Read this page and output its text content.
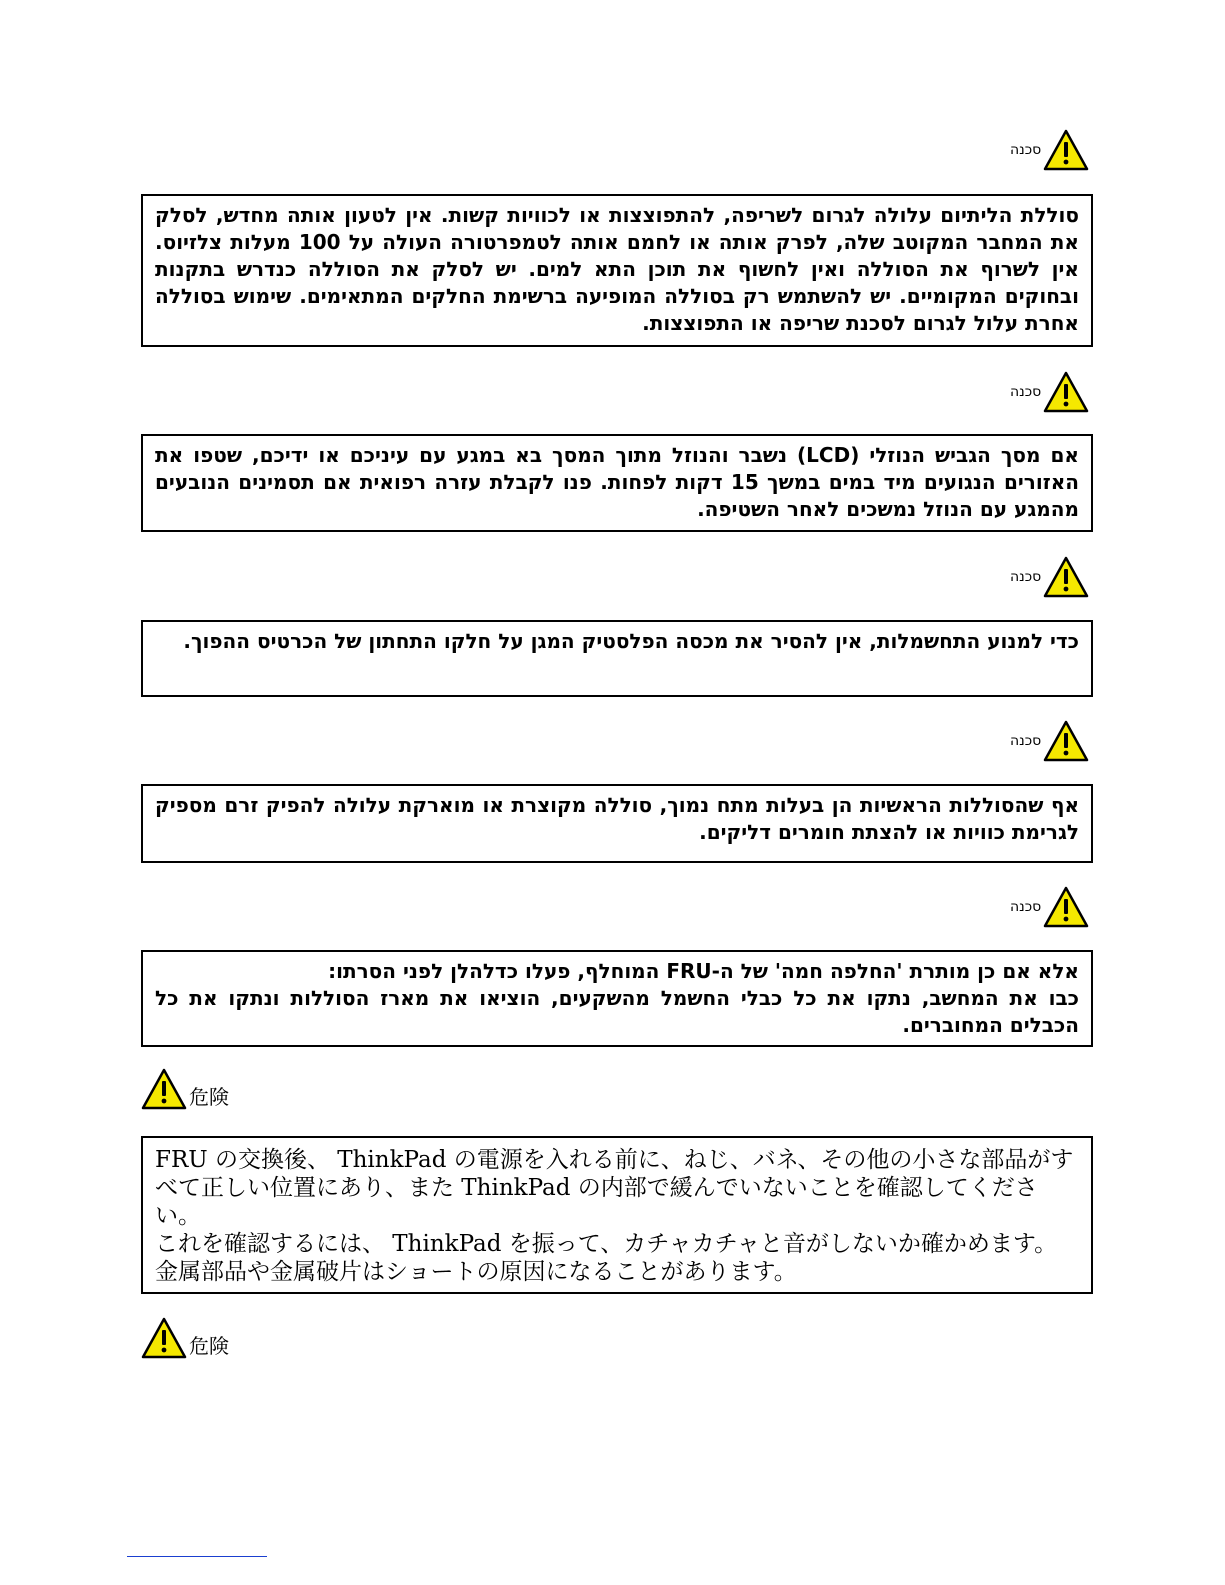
סכנה

סוללת הליתיום עלולה לגרום לשריפה, להתפוצצות או לכוויות קשות. אין לטעון אותה מחדש, לסלק את המחבר המקוטב שלה, לפרק אותה או לחמם אותה לטמפרטורה העולה על 100 מעלות צלזיוס. אין לשרוף את הסוללה ואין לחשוף את תוכן התא למים. יש לסלק את הסוללה כנדרש בתקנות ובחוקים המקומיים. יש להשתמש רק בסוללה המופיעה ברשימת החלקים המתאימים. שימוש בסוללה אחרת עלול לגרום לסכנת שריפה או התפוצצות.

סכנה

אם מסך הגביש הנוזלי (LCD) נשבר והנוזל מתוך המסך בא במגע עם עיניכם או ידיכם, שטפו את האזורים הנגועים מיד במים במשך 15 דקות לפחות. פנו לקבלת עזרה רפואית אם תסמינים הנובעים מהמגע עם הנוזל נמשכים לאחר השטיפה.

סכנה

כדי למנוע התחשמלות, אין להסיר את מכסה הפלסטיק המגן על חלקו התחתון של הכרטיס ההפוך.

סכנה

אף שהסוללות הראשיות הן בעלות מתח נמוך, סוללה מקוצרת או מוארקת עלולה להפיק זרם מספיק לגרימת כוויות או להצתת חומרים דליקים.

סכנה

אלא אם כן מותרת 'החלפה חמה' של ה-FRU המוחלף, פעלו כדלהלן לפני הסרתו:

כבו את המחשב, נתקו את כל כבלי החשמל מהשקעים, הוציאו את מארז הסוללות ונתקו את כל הכבלים המחוברים.

危険

FRU の交換後、 ThinkPad の電源を入れる前に、ねじ、バネ、その他の小さな部品がすべて正しい位置にあり、また ThinkPad の内部で緩んでいないことを確認してください。

これを確認するには、 ThinkPad を振って、カチャカチャと音がしないか確かめます。金属部品や金属破片はショートの原因になることがあります。

危険
